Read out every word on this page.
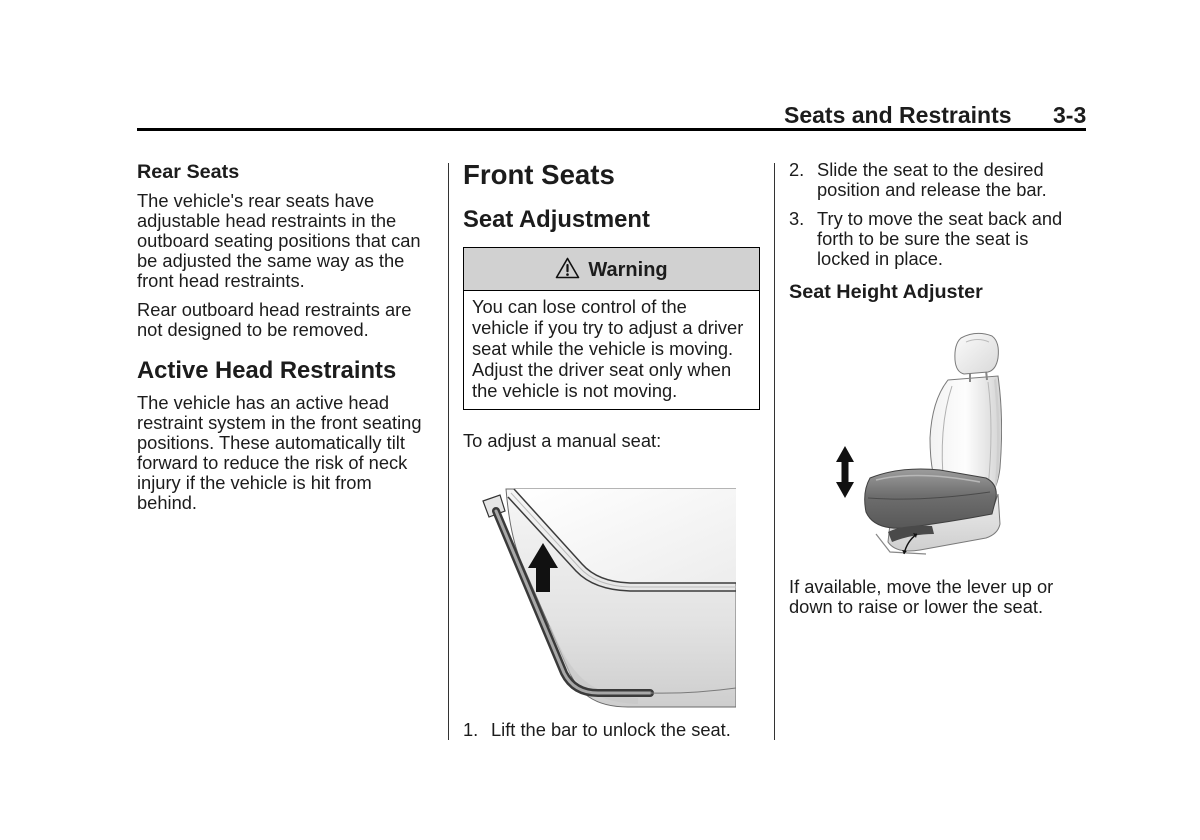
Seats and Restraints 3-3
Rear Seats

The vehicle's rear seats have
adjustable head restraints in the
outboard seating positions that can
be adjusted the same way as the
front head restraints.

Rear outboard head restraints are
not designed to be removed.

Active Head Restraints

The vehicle has an active head
restraint system in the front seating
positions. These automatically tilt
forward to reduce the risk of neck
injury if the vehicle is hit from
behind.

Front Seats
Seat Adjustment
Warning
You can lose control of the
vehicle if you try to adjust a driver
seat while the vehicle is moving.
Adjust the driver seat only when
the vehicle is not moving.

To adjust a manual seat:

1. Lift the bar to unlock the seat.
2. Slide the seat to the desired
position and release the bar.
3. Try to move the seat back and
forth to be sure the seat is
locked in place.
Seat Height Adjuster

If available, move the lever up or
down to raise or lower the seat.
